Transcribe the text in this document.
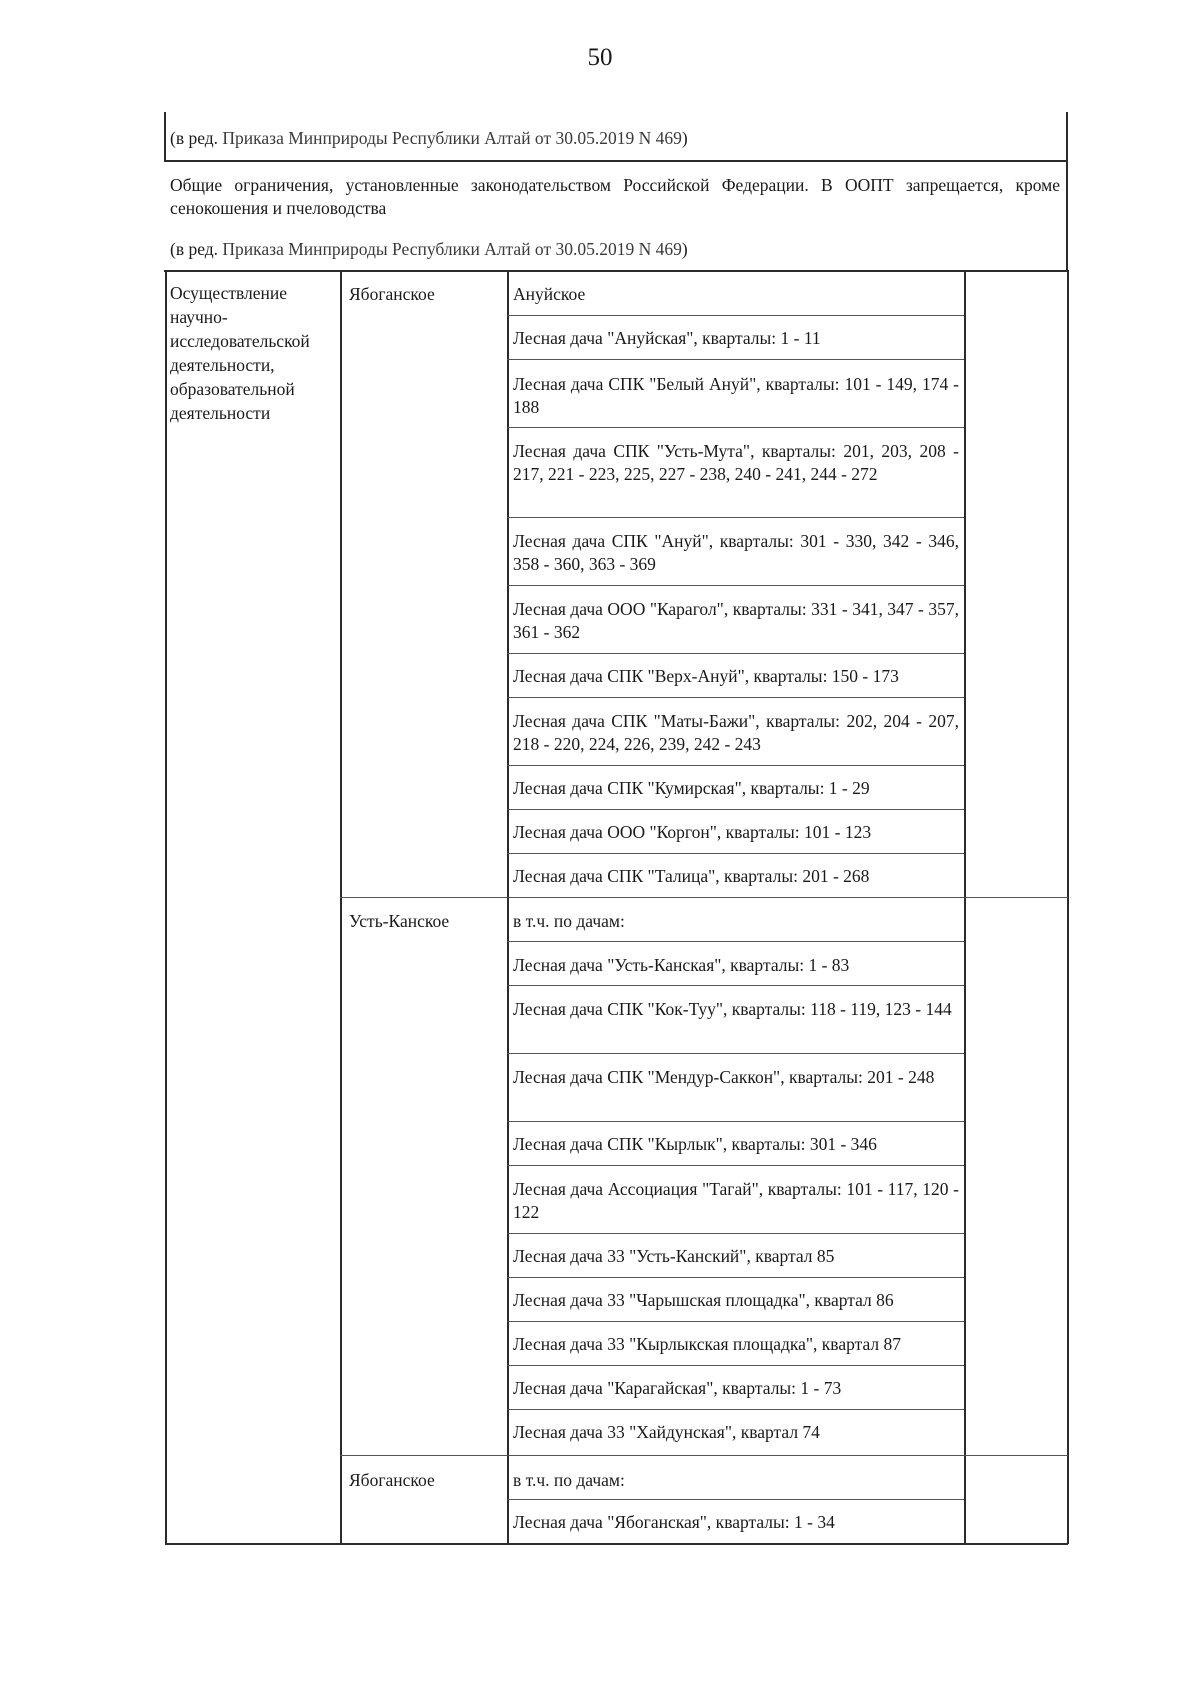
50
(в ред. Приказа Минприроды Республики Алтай от 30.05.2019 N 469)
Общие ограничения, установленные законодательством Российской Федерации. В ООПТ запрещается, кроме сенокошения и пчеловодства
(в ред. Приказа Минприроды Республики Алтай от 30.05.2019 N 469)
Осуществление научно-исследовательской деятельности, образовательной деятельности
Ябоганское
Усть-Канское
Ябоганское
Ануйское
Лесная дача "Ануйская", кварталы: 1 - 11
Лесная дача СПК "Белый Ануй", кварталы: 101 - 149, 174 - 188
Лесная дача СПК "Усть-Мута", кварталы: 201, 203, 208 - 217, 221 - 223, 225, 227 - 238, 240 - 241, 244 - 272
Лесная дача СПК "Ануй", кварталы: 301 - 330, 342 - 346, 358 - 360, 363 - 369
Лесная дача ООО "Карагол", кварталы: 331 - 341, 347 - 357, 361 - 362
Лесная дача СПК "Верх-Ануй", кварталы: 150 - 173
Лесная дача СПК "Маты-Бажи", кварталы: 202, 204 - 207, 218 - 220, 224, 226, 239, 242 - 243
Лесная дача СПК "Кумирская", кварталы: 1 - 29
Лесная дача ООО "Коргон", кварталы: 101 - 123
Лесная дача СПК "Талица", кварталы: 201 - 268
в т.ч. по дачам:
Лесная дача "Усть-Канская", кварталы: 1 - 83
Лесная дача СПК "Кок-Туу", кварталы: 118 - 119, 123 - 144
Лесная дача СПК "Мендур-Саккон", кварталы: 201 - 248
Лесная дача СПК "Кырлык", кварталы: 301 - 346
Лесная дача Ассоциация "Тагай", кварталы: 101 - 117, 120 - 122
Лесная дача 33 "Усть-Канский", квартал 85
Лесная дача 33 "Чарышская площадка", квартал 86
Лесная дача 33 "Кырлыкская площадка", квартал 87
Лесная дача "Карагайская", кварталы: 1 - 73
Лесная дача 33 "Хайдунская", квартал 74
в т.ч. по дачам:
Лесная дача "Ябоганская", кварталы: 1 - 34
